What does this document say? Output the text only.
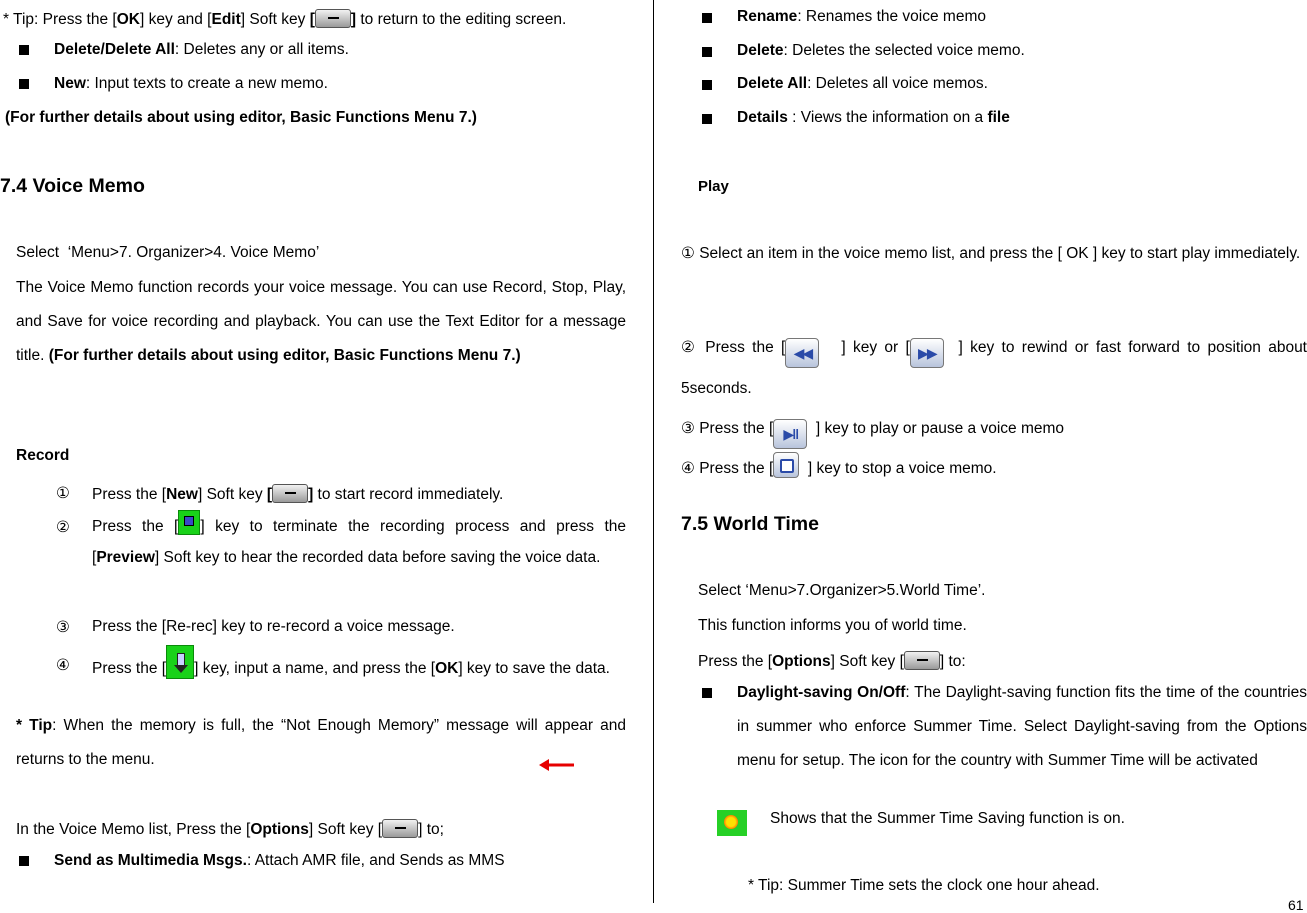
* Tip: Press the [OK] key and [Edit] Soft key [ ] to return to the editing screen.
Delete/Delete All: Deletes any or all items.
New: Input texts to create a new memo.
(For further details about using editor, Basic Functions Menu 7.)
7.4 Voice Memo
Select  ‘Menu>7. Organizer>4. Voice Memo’
The Voice Memo function records your voice message. You can use Record, Stop, Play, and Save for voice recording and playback. You can use the Text Editor for a message title. (For further details about using editor, Basic Functions Menu 7.)
Record
① Press the [New] Soft key [ ] to start record immediately.
② Press the [ ] key to terminate the recording process and press the [Preview] Soft key to hear the recorded data before saving the voice data.
③ Press the [Re-rec] key to re-record a voice message.
④ Press the [ ] key, input a name, and press the [OK] key to save the data.
* Tip: When the memory is full, the “Not Enough Memory” message will appear and returns to the menu.
In the Voice Memo list, Press the [Options] Soft key [ ] to;
Send as Multimedia Msgs.: Attach AMR file, and Sends as MMS
Rename: Renames the voice memo
Delete: Deletes the selected voice memo.
Delete All: Deletes all voice memos.
Details : Views the information on a file
Play
① Select an item in the voice memo list, and press the [ OK ] key to start play immediately.
② Press the [ ◀◀   ] key or [ ▶▶  ] key to rewind or fast forward to position about 5seconds.
③ Press the [ ▶‖  ] key to play or pause a voice memo
④ Press the [  ] key to stop a voice memo.
7.5 World Time
Select ‘Menu>7.Organizer>5.World Time’.
This function informs you of world time.
Press the [Options] Soft key [ ] to:
Daylight-saving On/Off: The Daylight-saving function fits the time of the countries in summer who enforce Summer Time. Select Daylight-saving from the Options menu for setup. The icon for the country with Summer Time will be activated
Shows that the Summer Time Saving function is on.
* Tip: Summer Time sets the clock one hour ahead.
61
